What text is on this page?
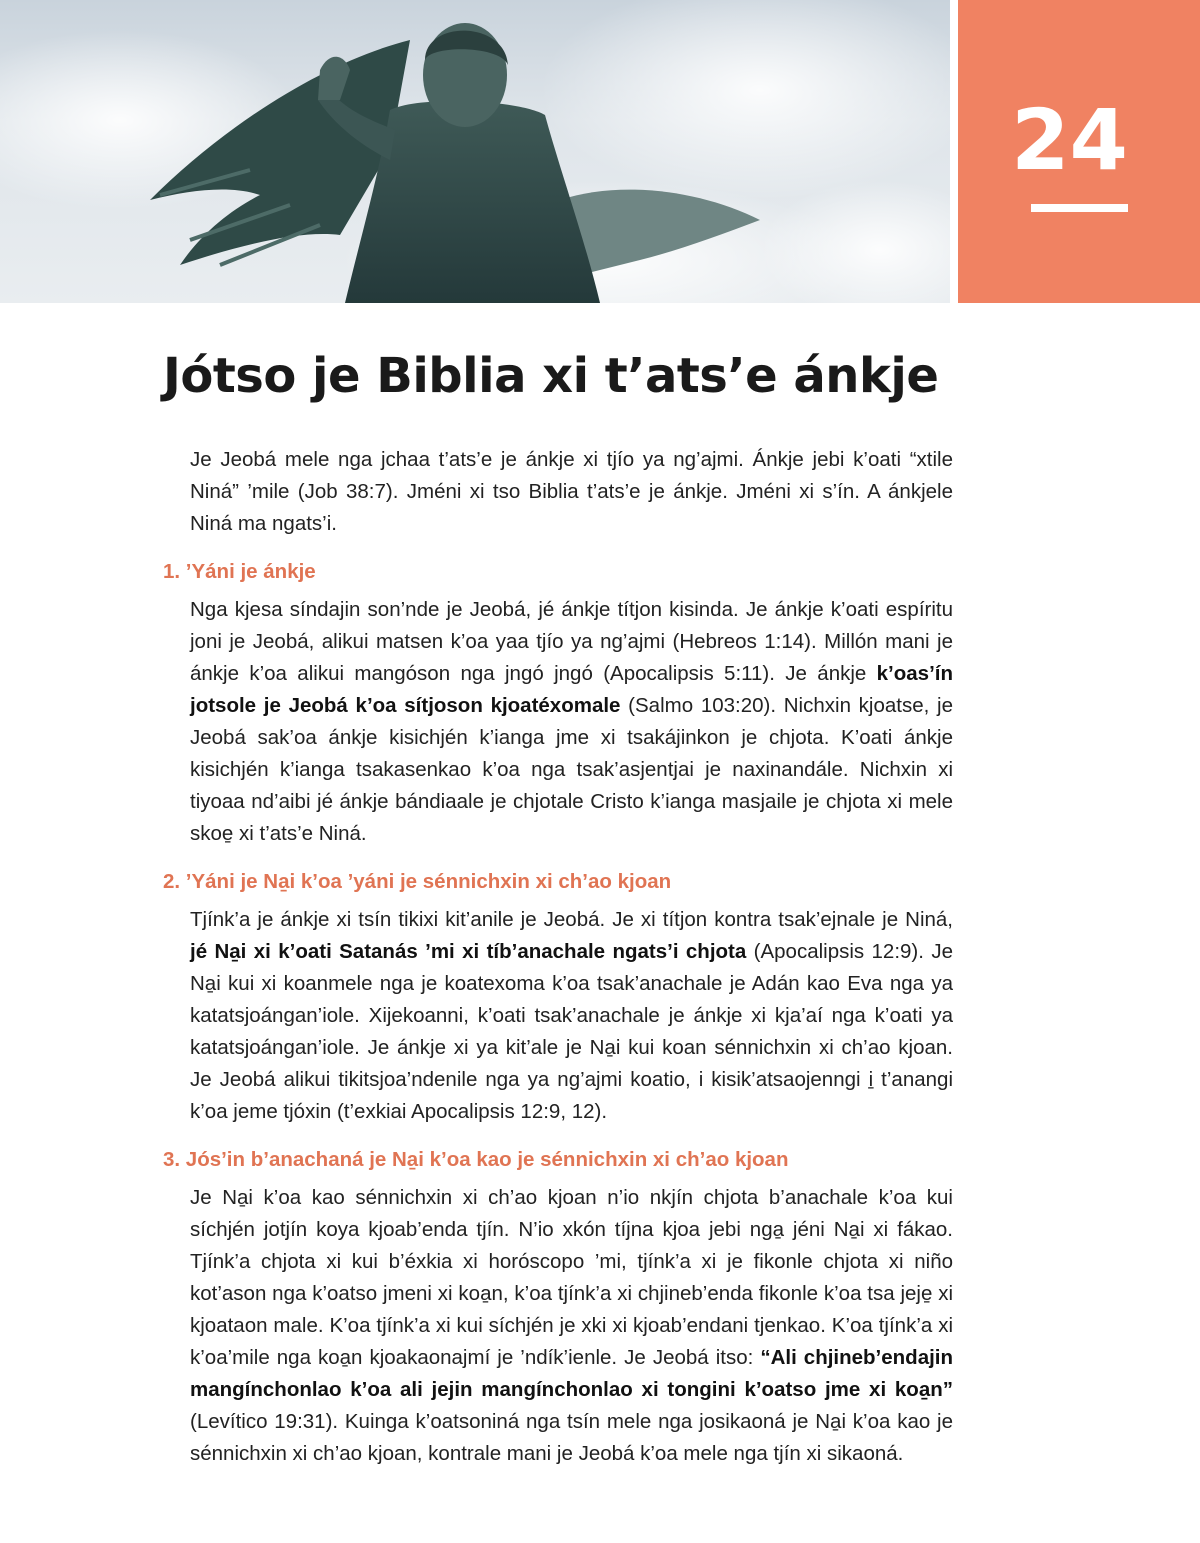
24
Jótso je Biblia xi t’ats’e ánkje

Je Jeobá mele nga jchaa t’ats’e je ánkje xi tjío ya ng’ajmi. Ánkje jebi k’oati “xtile Niná” ’mile (Job 38:7). Jméni xi tso Biblia t’ats’e je ánkje. Jméni xi s’ín. A ánkjele Niná ma ngats’i.

1. ’Yáni je ánkje

Nga kjesa síndajin son’nde je Jeobá, jé ánkje títjon kisinda. Je ánkje k’oati espíritu joni je Jeobá, alikui matsen k’oa yaa tjío ya ng’ajmi (Hebreos 1:14). Millón mani je ánkje k’oa alikui mangóson nga jngó jngó (Apocalipsis 5:11). Je ánkje k’oas’ín jotsole je Jeobá k’oa sítjoson kjoatéxomale (Salmo 103:20). Nichxin kjoatse, je Jeobá sak’oa ánkje kisichjén k’ianga jme xi tsakájinkon je chjota. K’oati ánkje kisichjén k’ianga tsakasenkao k’oa nga tsak’asjentjai je naxinandále. Nichxin xi tiyoaa nd’aibi jé ánkje bándiaale je chjotale Cristo k’ianga masjaile je chjota xi mele skoe̱ xi t’ats’e Niná.

2. ’Yáni je Na̱i k’oa ’yáni je sénnichxin xi ch’ao kjoan

Tjínk’a je ánkje xi tsín tikixi kit’anile je Jeobá. Je xi títjon kontra tsak’ejnale je Niná, jé Na̱i xi k’oati Satanás ’mi xi tíb’anachale ngats’i chjota (Apocalipsis 12:9). Je Na̱i kui xi koanmele nga je koatexoma k’oa tsak’anachale je Adán kao Eva nga ya katatsjoángan’iole. Xijekoanni, k’oati tsak’anachale je ánkje xi kja’aí nga k’oati ya katatsjoángan’iole. Je ánkje xi ya kit’ale je Na̱i kui koan sénnichxin xi ch’ao kjoan. Je Jeobá alikui tikitsjoa’ndenile nga ya ng’ajmi koatio, i kisik’atsaojenngi i̱ t’anangi k’oa jeme tjóxin (t’exkiai Apocalipsis 12:9, 12).

3. Jós’in b’anachaná je Na̱i k’oa kao je sénnichxin xi ch’ao kjoan

Je Na̱i k’oa kao sénnichxin xi ch’ao kjoan n’io nkjín chjota b’anachale k’oa kui síchjén jotjín koya kjoab’enda tjín. N’io xkón tíjna kjoa jebi nga̱ jéni Na̱i xi fákao. Tjínk’a chjota xi kui b’éxkia xi horóscopo ’mi, tjínk’a xi je fikonle chjota xi niño kot’ason nga k’oatso jmeni xi koa̱n, k’oa tjínk’a xi chjineb’enda fikonle k’oa tsa jeje̱ xi kjoataon male. K’oa tjínk’a xi kui síchjén je xki xi kjoab’endani tjenkao. K’oa tjínk’a xi k’oa’mile nga koa̱n kjoakaonajmí je ’ndík’ienle. Je Jeobá itso: “Ali chjineb’endajin mangínchonlao k’oa ali jejin mangínchonlao xi tongini k’oatso jme xi koa̱n” (Levítico 19:31). Kuinga k’oatsoniná nga tsín mele nga josikaoná je Na̱i k’oa kao je sénnichxin xi ch’ao kjoan, kontrale mani je Jeobá k’oa mele nga tjín xi sikaoná.
